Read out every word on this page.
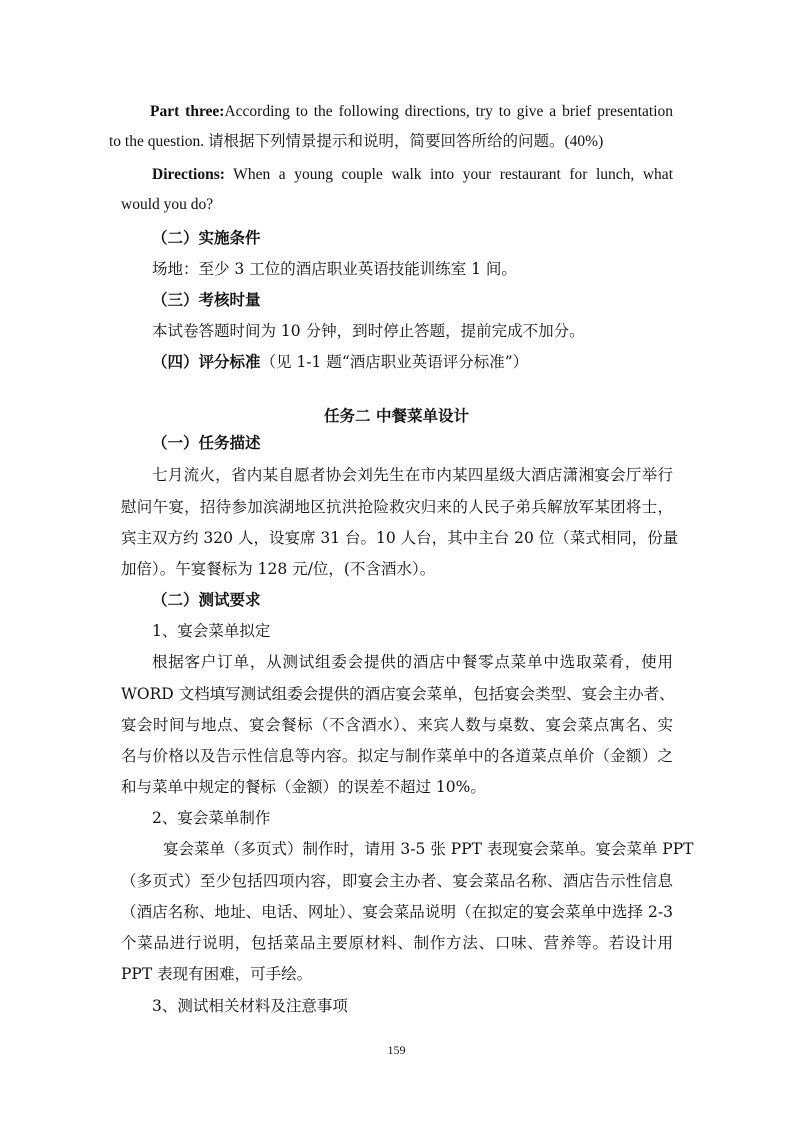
Part three:According to the following directions, try to give a brief presentation
to the question. 请根据下列情景提示和说明，简要回答所给的问题。(40%)
Directions: When a young couple walk into your restaurant for lunch, what
would you do?
（二）实施条件
场地：至少 3 工位的酒店职业英语技能训练室 1 间。
（三）考核时量
本试卷答题时间为 10 分钟，到时停止答题，提前完成不加分。
（四）评分标准（见 1-1 题“酒店职业英语评分标准”）
任务二 中餐菜单设计
（一）任务描述
七月流火，省内某自愿者协会刘先生在市内某四星级大酒店潇湘宴会厅举行
慰问午宴，招待参加滨湖地区抗洪抢险救灾归来的人民子弟兵解放军某团将士，
宾主双方约 320 人，设宴席 31 台。10 人台，其中主台 20 位（菜式相同，份量
加倍）。午宴餐标为 128 元/位，(不含酒水）。
（二）测试要求
1、宴会菜单拟定
根据客户订单，从测试组委会提供的酒店中餐零点菜单中选取菜肴，使用
WORD 文档填写测试组委会提供的酒店宴会菜单，包括宴会类型、宴会主办者、
宴会时间与地点、宴会餐标（不含酒水）、来宾人数与桌数、宴会菜点寓名、实
名与价格以及告示性信息等内容。拟定与制作菜单中的各道菜点单价（金额）之
和与菜单中规定的餐标（金额）的误差不超过 10%。
2、宴会菜单制作
宴会菜单（多页式）制作时，请用 3-5 张 PPT 表现宴会菜单。宴会菜单 PPT
（多页式）至少包括四项内容，即宴会主办者、宴会菜品名称、酒店告示性信息
（酒店名称、地址、电话、网址）、宴会菜品说明（在拟定的宴会菜单中选择 2-3
个菜品进行说明，包括菜品主要原材料、制作方法、口味、营养等。若设计用
PPT 表现有困难，可手绘。
3、测试相关材料及注意事项
159
